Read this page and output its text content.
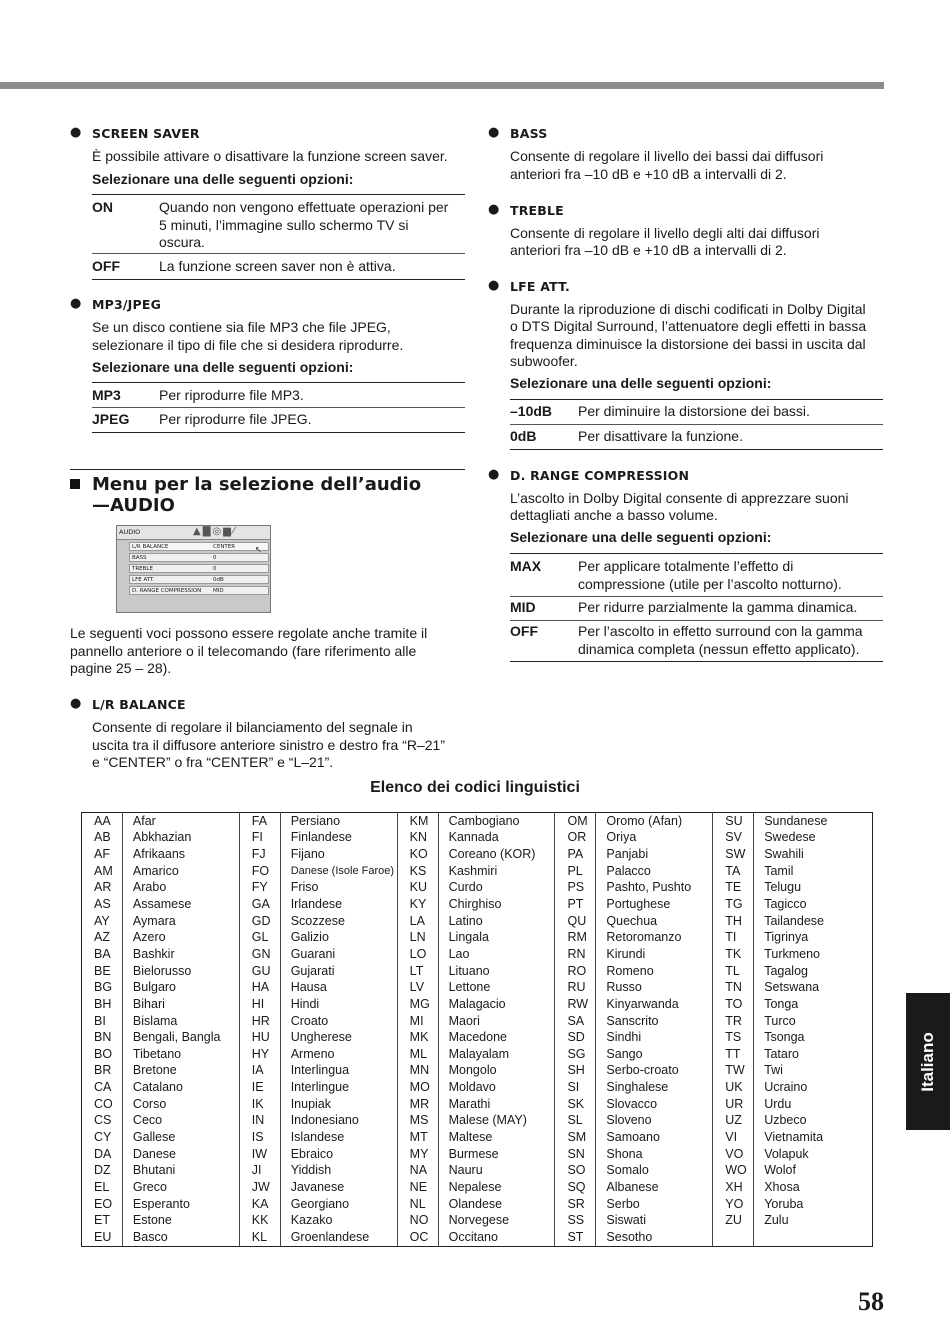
● SCREEN SAVER
È possibile attivare o disattivare la funzione screen saver.
Selezionare una delle seguenti opzioni:
ON	Quando non vengono effettuate operazioni per
5 minuti, l’immagine sullo schermo TV si
oscura.
OFF	La funzione screen saver non è attiva.
● MP3/JPEG
Se un disco contiene sia file MP3 che file JPEG,
selezionare il tipo di file che si desidera riprodurre.
Selezionare una delle seguenti opzioni:
MP3	Per riprodurre file MP3.
JPEG Per riprodurre file JPEG.
Menu per la selezione dell’audio
—AUDIO
AUDIO	▲▇◎▆⁄
L/R BALANCE	CENTER
BASS	0
TREBLE	0
LFE ATT.	0dB
D. RANGE COMPRESSION MID
↖
Le seguenti voci possono essere regolate anche tramite il
pannello anteriore o il telecomando (fare riferimento alle
pagine 25 – 28).
● L/R BALANCE
Consente di regolare il bilanciamento del segnale in
uscita tra il diffusore anteriore sinistro e destro fra “R–21”
e “CENTER” o fra “CENTER” e “L–21”.
● BASS
Consente di regolare il livello dei bassi dai diffusori
anteriori fra –10 dB e +10 dB a intervalli di 2.
● TREBLE
Consente di regolare il livello degli alti dai diffusori
anteriori fra –10 dB e +10 dB a intervalli di 2.
● LFE ATT.
Durante la riproduzione di dischi codificati in Dolby Digital
o DTS Digital Surround, l’attenuatore degli effetti in bassa
frequenza diminuisce la distorsione dei bassi in uscita dal
subwoofer.
Selezionare una delle seguenti opzioni:
–10dB Per diminuire la distorsione dei bassi.
0dB	Per disattivare la funzione.
● D. RANGE COMPRESSION
L’ascolto in Dolby Digital consente di apprezzare suoni
dettagliati anche a basso volume.
Selezionare una delle seguenti opzioni:
MAX	Per applicare totalmente l’effetto di
compressione (utile per l’ascolto notturno).
MID	Per ridurre parzialmente la gamma dinamica.
OFF	Per l’ascolto in effetto surround con la gamma
dinamica completa (nessun effetto applicato).
Elenco dei codici linguistici
AA	Afar	FA	Persiano	KM	Cambogiano	OM	Oromo (Afan)	SU	Sundanese
AB	Abkhazian	FI	Finlandese	KN	Kannada	OR	Oriya	SV	Swedese
AF	Afrikaans	FJ	Fijano	KO	Coreano (KOR)	PA	Panjabi	SW	Swahili
AM	Amarico	FO	Danese (Isole Faroe)	KS	Kashmiri	PL	Palacco	TA	Tamil
AR	Arabo	FY	Friso	KU	Curdo	PS	Pashto, Pushto	TE	Telugu
AS	Assamese	GA	Irlandese	KY	Chirghiso	PT	Portughese	TG	Tagicco
AY	Aymara	GD	Scozzese	LA	Latino	QU	Quechua	TH	Tailandese
AZ	Azero	GL	Galizio	LN	Lingala	RM	Retoromanzo	TI	Tigrinya
BA	Bashkir	GN	Guarani	LO	Lao	RN	Kirundi	TK	Turkmeno
BE	Bielorusso	GU	Gujarati	LT	Lituano	RO	Romeno	TL	Tagalog
BG	Bulgaro	HA	Hausa	LV	Lettone	RU	Russo	TN	Setswana
BH	Bihari	HI	Hindi	MG	Malagacio	RW	Kinyarwanda	TO	Tonga
BI	Bislama	HR	Croato	MI	Maori	SA	Sanscrito	TR	Turco
BN	Bengali, Bangla	HU	Ungherese	MK	Macedone	SD	Sindhi	TS	Tsonga
BO	Tibetano	HY	Armeno	ML	Malayalam	SG	Sango	TT	Tataro
BR	Bretone	IA	Interlingua	MN	Mongolo	SH	Serbo-croato	TW	Twi
CA	Catalano	IE	Interlingue	MO	Moldavo	SI	Singhalese	UK	Ucraino
CO	Corso	IK	Inupiak	MR	Marathi	SK	Slovacco	UR	Urdu
CS	Ceco	IN	Indonesiano	MS	Malese (MAY)	SL	Sloveno	UZ	Uzbeco
CY	Gallese	IS	Islandese	MT	Maltese	SM	Samoano	VI	Vietnamita
DA	Danese	IW	Ebraico	MY	Burmese	SN	Shona	VO	Volapuk
DZ	Bhutani	JI	Yiddish	NA	Nauru	SO	Somalo	WO	Wolof
EL	Greco	JW	Javanese	NE	Nepalese	SQ	Albanese	XH	Xhosa
EO	Esperanto	KA	Georgiano	NL	Olandese	SR	Serbo	YO	Yoruba
ET	Estone	KK	Kazako	NO	Norvegese	SS	Siswati	ZU	Zulu
EU	Basco	KL	Groenlandese	OC	Occitano	ST	Sesotho		
Italiano
58
